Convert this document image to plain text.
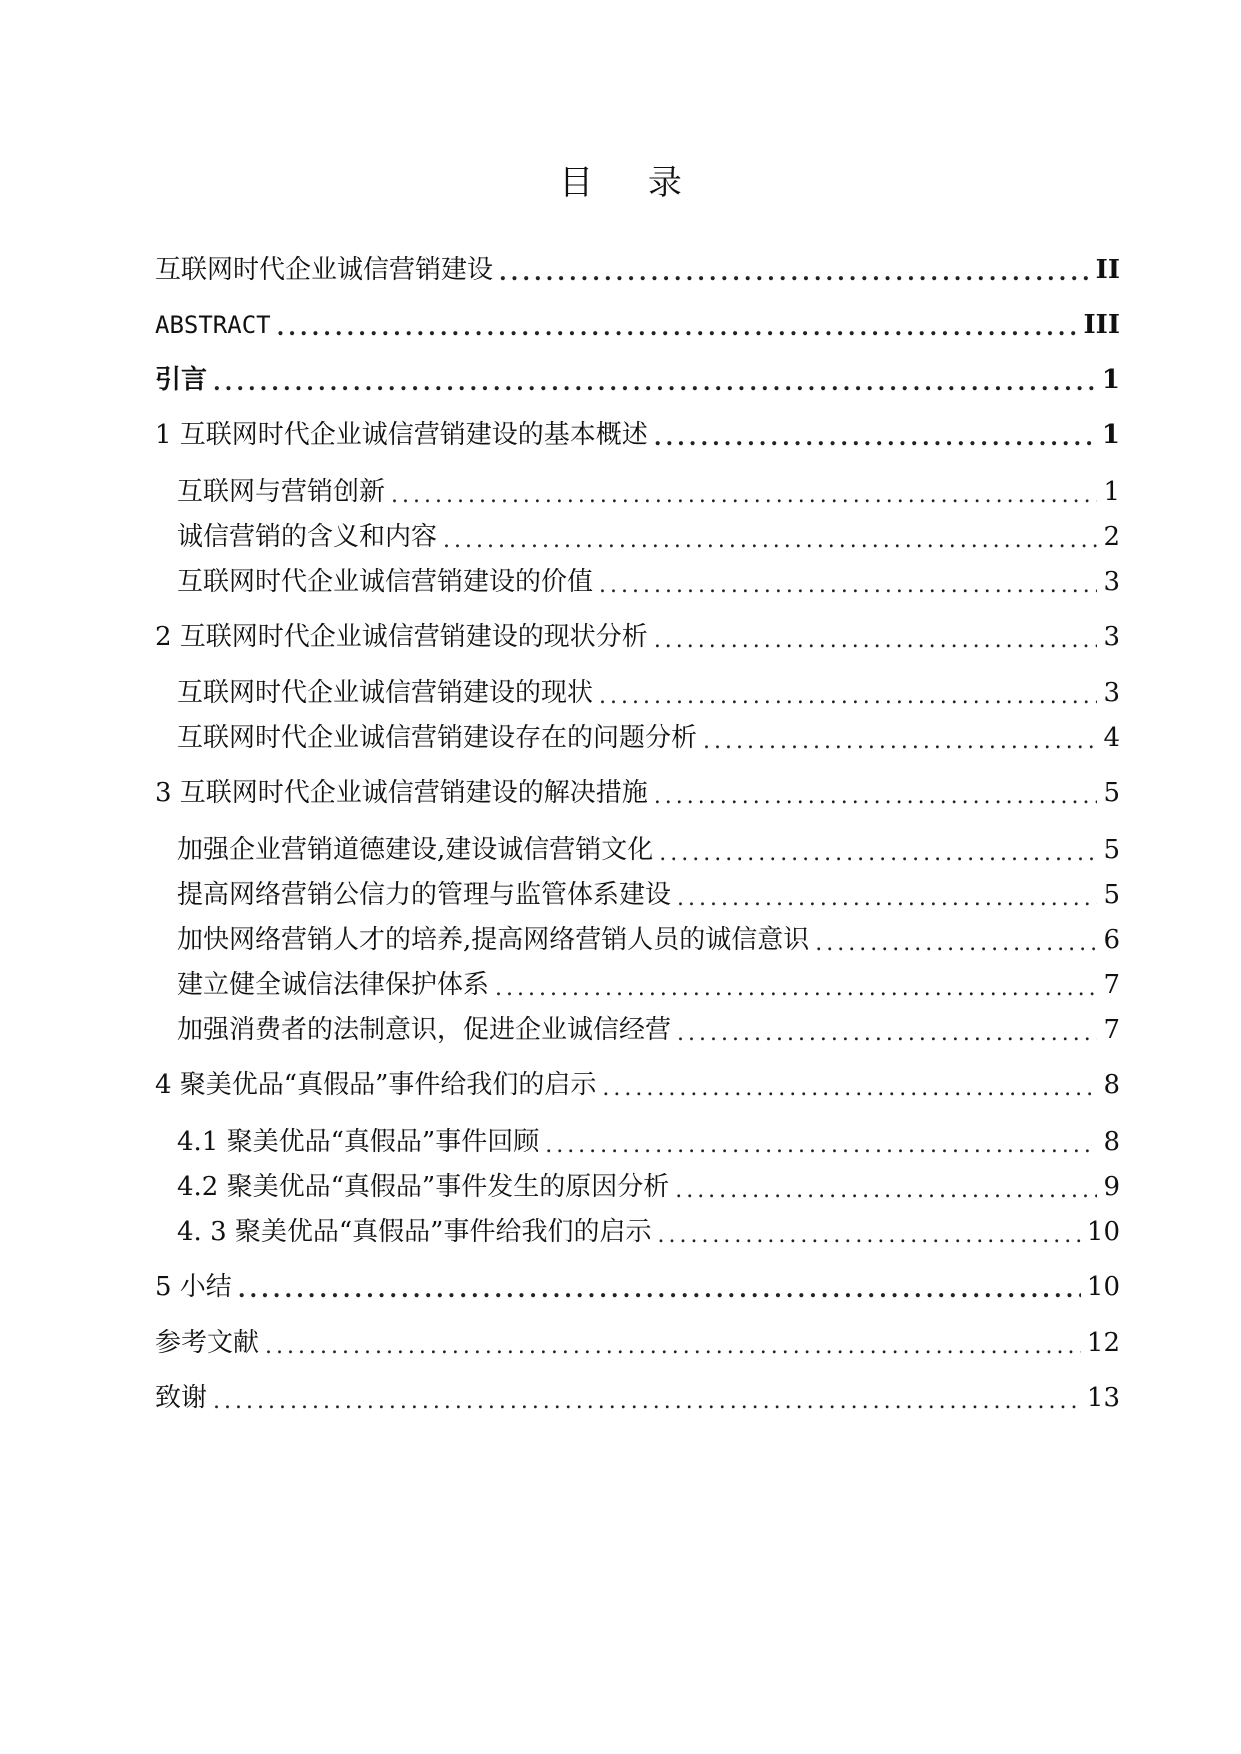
目 录
互联网时代企业诚信营销建设 .....	II
ABSTRACT .....	III
引言 .....	1
1 互联网时代企业诚信营销建设的基本概述 .....	1
互联网与营销创新 .....	1
诚信营销的含义和内容 .....	2
互联网时代企业诚信营销建设的价值 .....	3
2 互联网时代企业诚信营销建设的现状分析 .....	3
互联网时代企业诚信营销建设的现状 .....	3
互联网时代企业诚信营销建设存在的问题分析 .....	4
3 互联网时代企业诚信营销建设的解决措施 .....	5
加强企业营销道德建设,建设诚信营销文化 .....	5
提高网络营销公信力的管理与监管体系建设 .....	5
加快网络营销人才的培养,提高网络营销人员的诚信意识 .....	6
建立健全诚信法律保护体系 .....	7
加强消费者的法制意识，促进企业诚信经营 .....	7
4 聚美优品“真假品”事件给我们的启示 .....	8
4.1 聚美优品“真假品”事件回顾 .....	8
4.2 聚美优品“真假品”事件发生的原因分析 .....	9
4. 3 聚美优品“真假品”事件给我们的启示 .....	10
5 小结 .....	10
参考文献 .....	12
致谢 .....	13
